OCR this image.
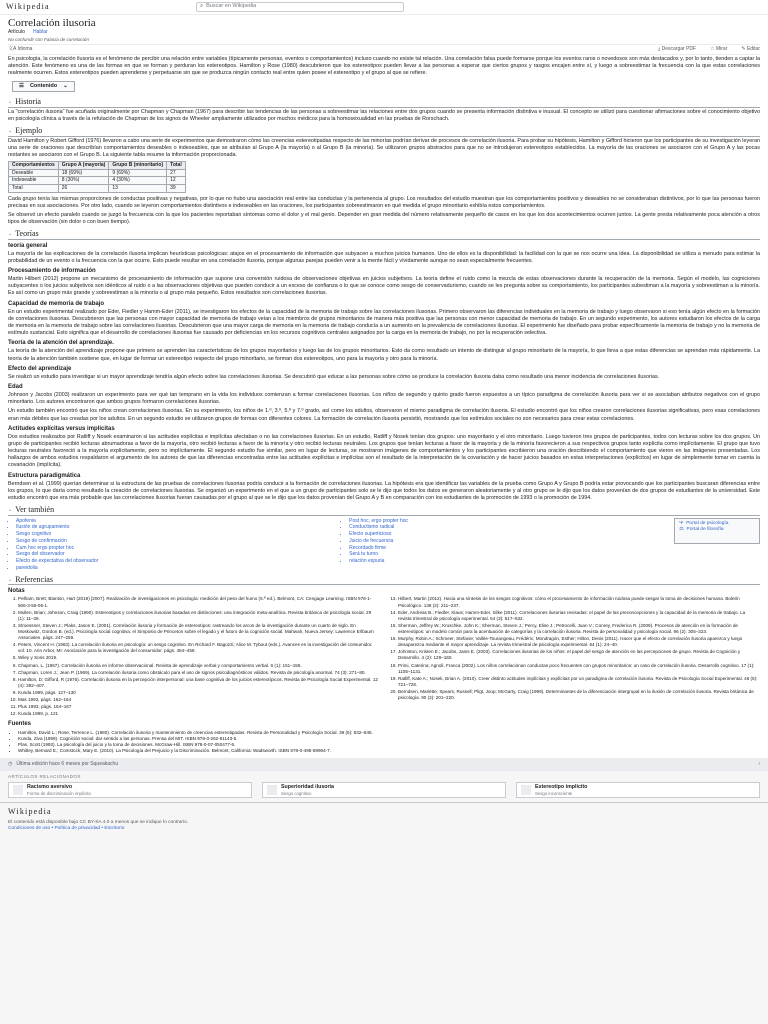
Wikipedia	⌕ Buscar en Wikipedia
Correlación ilusoria
Artículo Hablar
No confundir con Falacia de correlación
文A Idioma	⤓ Descargar PDF	☆ Mirar	✎ Editar

En psicología, la correlación ilusoria es el fenómeno de percibir una relación entre variables (típicamente personas, eventos o comportamientos) incluso cuando no existe tal relación. Una correlación falsa puede formarse porque los eventos raros o novedosos son más destacados y, por lo tanto, tienden a captar la atención. Este fenómeno es una de las formas en que se forman y perduran los estereotipos. Hamilton y Rose (1980) descubrieron que los estereotipos pueden llevar a las personas a esperar que ciertos grupos y rasgos encajen entre sí, y luego a sobreestimar la frecuencia con la que estas correlaciones realmente ocurren. Estos estereotipos pueden aprenderse y perpetuarse sin que se produzca ningún contacto real entre quien posee el estereotipo y el grupo al que se refiere.

☰ Contenido ⌄
⌄ Historia

La "correlación ilusoria" fue acuñada originalmente por Chapman y Chapman (1967) para describir las tendencias de las personas a sobreestimar las relaciones entre dos grupos cuando se presenta información distintiva e inusual. El concepto se utilizó para cuestionar afirmaciones sobre el conocimiento objetivo en psicología clínica a través de la refutación de Chapman de los signos de Wheeler ampliamente utilizados por muchos médicos para la homosexualidad en las pruebas de Rorschach.

⌄ Ejemplo

David Hamilton y Robert Gifford (1976) llevaron a cabo una serie de experimentos que demostraron cómo las creencias estereotipadas respecto de las minorías podrían derivar de procesos de correlación ilusoria. Para probar su hipótesis, Hamilton y Gifford hicieron que los participantes de su investigación leyeran una serie de oraciones que describían comportamientos deseables o indeseables, que se atribuían al Grupo A (la mayoría) o al Grupo B (la minoría). Se utilizaron grupos abstractos para que no se introdujeran estereotipos establecidos. La mayoría de las oraciones se asociaron con el Grupo A y las pocas restantes se asociaron con el Grupo B. La siguiente tabla resume la información proporcionada.

Comportamientos	Grupo A (mayoría)	Grupo B (minoritario)	Total
Deseable	18 (69%)	9 (69%)	27
Indeseable	8 (30%)	4 (30%)	12
Total	26	13	39

Cada grupo tenía las mismas proporciones de conductas positivas y negativas, por lo que no hubo una asociación real entre las conductas y la pertenencia al grupo. Los resultados del estudio muestran que los comportamientos positivos y deseables no se consideraban distintivos, por lo que las personas fueron precisas en sus asociaciones. Por otro lado, cuando se leyeron comportamientos distintivos e indeseables en las oraciones, los participantes sobreestimaron en qué medida el grupo minoritario exhibía estos comportamientos.

Se observó un efecto paralelo cuando se juzgó la frecuencia con la que los pacientes reportaban síntomas como el dolor y el mal genio. Depender en gran medida del número relativamente pequeño de casos en los que los dos acontecimientos ocurren juntos. La gente presta relativamente poca atención a otros tipos de observación (sin dolor o con buen tiempo).

⌄ Teorías
teoría general

La mayoría de las explicaciones de la correlación ilusoria implican heurísticas psicológicas: atajos en el procesamiento de información que subyacen a muchos juicios humanos. Uno de ellos es la disponibilidad: la facilidad con la que se nos ocurre una idea. La disponibilidad se utiliza a menudo para estimar la probabilidad de un evento o la frecuencia con la que ocurre. Esto puede resultar en una correlación ilusoria, porque algunas parejas pueden venir a la mente fácil y vívidamente aunque no sean especialmente frecuentes.

Procesamiento de información

Martin Hilbert (2012) propone un mecanismo de procesamiento de información que supone una conversión ruidosa de observaciones objetivas en juicios subjetivos. La teoría define el ruido como la mezcla de estas observaciones durante la recuperación de la memoria. Según el modelo, las cogniciones subyacentes o los juicios subjetivos son idénticos al ruido o a las observaciones objetivas que pueden conducir a un exceso de confianza o lo que se conoce como sesgo de conservadurismo, cuando se les pregunta sobre su comportamiento, los participantes subestiman a la mayoría y sobreestiman a la minoría. Es así como un grupo más grande y sobreestiman a la minoría o al grupo más pequeño. Estos resultados son correlaciones ilusorias.

Capacidad de memoria de trabajo

En un estudio experimental realizado por Eder, Fiedler y Hamm-Eder (2011), se investigaron los efectos de la capacidad de la memoria de trabajo sobre las correlaciones ilusorias. Primero observaron las diferencias individuales en la memoria de trabajo y luego observaron si eso tenía algún efecto en la formación de correlaciones ilusorias. Descubrieron que las personas con mayor capacidad de memoria de trabajo veían a los miembros de grupos minoritarios de manera más positiva que las personas con menor capacidad de memoria de trabajo. En un segundo experimento, los autores estudiaron los efectos de la carga de memoria en la memoria de trabajo sobre las correlaciones ilusorias. Descubrieron que una mayor carga de memoria en la memoria de trabajo conducía a un aumento en la prevalencia de correlaciones ilusorias. El experimento fue diseñado para probar específicamente la memoria de trabajo y no la memoria de estímulo sustancial. Esto significa que el desarrollo de correlaciones ilusorias fue causado por deficiencias en los recursos cognitivos centrales asignados por la carga en la memoria de trabajo, no por la recuperación selectiva.

Teoría de la atención del aprendizaje.

La teoría de la atención del aprendizaje propone que primero se aprenden las características de los grupos mayoritarios y luego las de los grupos minoritarios. Esto da como resultado un intento de distinguir al grupo minoritario de la mayoría, lo que lleva a que estas diferencias se aprendan más rápidamente. La teoría de la atención también sostiene que, en lugar de formar un estereotipo respecto del grupo minoritario, se forman dos estereotipos, uno para la mayoría y otro para la minoría.

Efecto del aprendizaje

Se realizó un estudio para investigar si un mayor aprendizaje tendría algún efecto sobre las correlaciones ilusorias. Se descubrió que educar a las personas sobre cómo se produce la correlación ilusoria daba como resultado una menor incidencia de correlaciones ilusorias.

Edad

Johnson y Jacobs (2003) realizaron un experimento para ver qué tan temprano en la vida los individuos comienzan a formar correlaciones ilusorias. Los niños de segundo y quinto grado fueron expuestos a un típico paradigma de correlación ilusoria para ver si se asociaban atributos negativos con el grupo minoritario. Los autores encontraron que ambos grupos formaron correlaciones ilusorias.

Un estudio también encontró que los niños crean correlaciones ilusorias. En su experimento, los niños de 1.º, 3.º, 5.º y 7.º grado, así como los adultos, observaron el mismo paradigma de correlación ilusoria. El estudio encontró que los niños crearon correlaciones ilusorias significativas, pero esas correlaciones eran más débiles que las creadas por los adultos. En un segundo estudio se utilizaron grupos de formas con diferentes colores. La formación de correlación ilusoria persistió, mostrando que los estímulos sociales no son necesarios para crear estas correlaciones.

Actitudes explícitas versus implícitas

Dos estudios realizados por Ratliff y Nosek examinaron si las actitudes explícitas e implícitas afectaban o no las correlaciones ilusorias. En un estudio, Ratliff y Nosek tenían dos grupos: uno mayoritario y el otro minoritario. Luego tuvieron tres grupos de participantes, todos con lecturas sobre los dos grupos. Un grupo de participantes recibió lecturas abrumadoras a favor de la mayoría, otro recibió lecturas a favor de la minoría y otro recibió lecturas neutrales. Los grupos que tenían lecturas a favor de la mayoría y de la minoría favorecieron a sus respectivos grupos tanto explícita como implícitamente. El grupo que tuvo lecturas neutrales favoreció a la mayoría explícitamente, pero no implícitamente. El segundo estudio fue similar, pero en lugar de lecturas, se mostraron imágenes de comportamientos y los participantes escribieron una oración describiendo el comportamiento que vieron en las imágenes presentadas. Los hallazgos de ambos estudios respaldaron el argumento de los autores de que las diferencias encontradas entre las actitudes explícitas e implícitas son el resultado de la interpretación de la covariación y de hacer juicios basados en estas interpretaciones (explícitos) en lugar de simplemente tomar en cuenta la covariación (implícita).

Estructura paradigmática

Berndsen et al. (1999) querían determinar si la estructura de las pruebas de correlaciones ilusorias podría conducir a la formación de correlaciones ilusorias. La hipótesis era que identificar las variables de la prueba como Grupo A y Grupo B podría estar provocando que los participantes buscaran diferencias entre los grupos, lo que daría como resultado la creación de correlaciones ilusorias. Se organizó un experimento en el que a un grupo de participantes solo se le dijo que todos los datos se generaron aleatoriamente y al otro grupo se le dijo que los datos provenían de dos grupos de estudiantes de la universidad. Este estudio encontró que era más probable que las correlaciones ilusorias fueran causadas por el grupo al que se le dijo que los datos provenían del Grupo A y B en comparación con los estudiantes de la promoción de 1993 o la promoción de 1994.

⌄ Ver también
• Apofenia
• Ilusión de agrupamiento
• Sesgo cognitivo
• Sesgo de confirmación
• Cum hoc ergo propter hoc
• Sesgo del observador
• Efecto de expectativa del observador
• pareidolia
• Post hoc, ergo propter hoc
• Conductismo radical
• Efecto superticioso
• Juicio de frecuencia
• Recordado firme
• Será tu turno
• relación espuria
Ψ Portal de psicología
⚖ Portal de filosofía
⌄ Referencias
Notas
1. Pelham, Brett; Blanton, Hart (2019) [2007]. Realización de investigaciones en psicología: medición del peso del humo (5.ª ed.). Belmont, CA: Cengage Learning. ISBN 978-1-506-3-55-06-1.
2. Mullen, Brian; Johnson, Craig (1990). Estereotipos y correlaciones ilusorias basadas en distinciones: una integración meta-analítica. Revista británica de psicología social. 29 (1): 11–28.
3. Stroessner, Steven J.; Plaks, Jason E. (2001). Correlación ilusoria y formación de estereotipos: rastreando los arcos de la investigación durante un cuarto de siglo. En Moskowitz, Gordon B. (ed.). Psicología social cognitiva: el Simposio de Princeton sobre el legado y el futuro de la cognición social. Mahwah, Nueva Jersey: Lawrence Erlbaum Associates. págs. 247–259.
4. Peters, Vincent H. (1983). La correlación ilusoria en psicología: un sesgo cognitivo. En Richard F. Bagozzi; Alice M. Tybout (eds.). Avances en la investigación del consumidor. vol. 10. Ann Arbor, MI: Asociación para la investigación del consumidor. págs. 454–459.
5. Wiley y Sons 2019.
6. Chapman, L. (1967). Correlación ilusoria en informe observacional. Revista de aprendizaje verbal y comportamiento verbal. 6 (1): 151–155.
7. Chapman, Loren J.; Jean P. (1969). La correlación ilusoria como obstáculo para el uso de signos psicodiagnósticos válidos. Revista de psicología anormal. 74 (3): 271–80.
8. Hamilton, D; Gifford, R (1976). Correlación ilusoria en la percepción interpersonal: una base cognitiva de los juicios estereotípicos. Revista de Psicología Social Experimental. 12 (4): 392–407.
9. Kunda 1999, págs. 127–130
10. Mas 1993, págs. 162–164
11. Plus 1993, págs. 164–167
12. Kunda 1999, p. 121
13. Hilbert, Martin (2012). Hacia una síntesis de los sesgos cognitivos: cómo el procesamiento de información ruidosa puede sesgar la toma de decisiones humana. Boletín Psicológico. 138 (2): 211–237.
14. Eder, Andreas B.; Fiedler, Klaus; Hamm-Eder, Silke (2011). Correlaciones ilusorias revisadas: el papel de las preconcepciones y la capacidad de la memoria de trabajo. La revista trimestral de psicología experimental. 64 (3): 517–532.
15. Sherman, Jeffrey W.; Kruschke, John K.; Sherman, Steven J.; Percy, Elise J.; Petrocelli, Juan V.; Conrey, Frederica R. (2009). Procesos de atención en la formación de estereotipos: un modelo común para la acentuación de categorías y la correlación ilusoria. Revista de personalidad y psicología social. 96 (2): 305–323.
16. Murphy, Robin A.; Schmeer, Stefanie; Vallée-Tourangeau, Frédéric; Mondragón, Esther; Hilton, Denis (2011). Hacer que el efecto de correlación ilusoria aparezca y luego desaparezca mediante el mayor aprendizaje. La revista trimestral de psicología experimental. 64 (1): 24–40.
17. Johnston, Kristen E.; Jacobs, Janis E. (2003). Correlaciones ilusorias de los niños: el papel del sesgo de atención en las percepciones de grupo. Revista de Cognición y Desarrollo. 4 (2): 129–160.
18. Primi, Caterina; Agnoli, Franca (2002). Los niños correlacionan conductas poco frecuentes con grupos minoritarios: un caso de correlación ilusoria. Desarrollo cognitivo. 17 (1): 1105–1131.
19. Ratliff, Kate A.; Nosek, Brian A. (2010). Creer distinto actitudes implícitas y explícitas por un paradigma de correlación ilusoria. Revista de Psicología Social Experimental. 46 (5): 721–728.
20. Berndsen, Mariëtte; Spears, Russell; Pligt, Joop; McGarty, Craig (1999). Determinantes de la diferenciación intergrupal en la ilusión de correlación ilusoria. Revista británica de psicología. 90 (2): 201–220.
Fuentes
• Hamilton, David L.; Rose, Terrence L. (1980). Correlación ilusoria y mantenimiento de creencias estereotipadas. Revista de Personalidad y Psicología Social. 39 (5): 832–845.
• Kunda, Ziva (1999). Cognición social: dar sentido a las personas. Prensa del MIT. ISBN 978-0-262-61143-5.
• Plas, Scott (1993). La psicología del juicio y la toma de decisiones. McGraw-Hill. ISBN 978-0-07-050477-6.
• Whitley, Bernard E.; Comstock, Mary E. (2010). La Psicología del Prejuicio y la Discriminación. Belmont, California: Wadsworth. ISBN 978-0-495-59964-7.
◷ Última edición hace 6 meses por Squeakachu	›
ARTÍCULOS RELACIONADOS
Racismo aversivo
Forma de discriminación implícita
Superioridad ilusoria
Sesgo cognitivo
Estereotipo implícito
Sesgo inconsciente
Wikipedia
El contenido está disponible bajo CC BY-SA 4.0 a menos que se indique lo contrario.
Condiciones de uso • Política de privacidad • Escritorio
